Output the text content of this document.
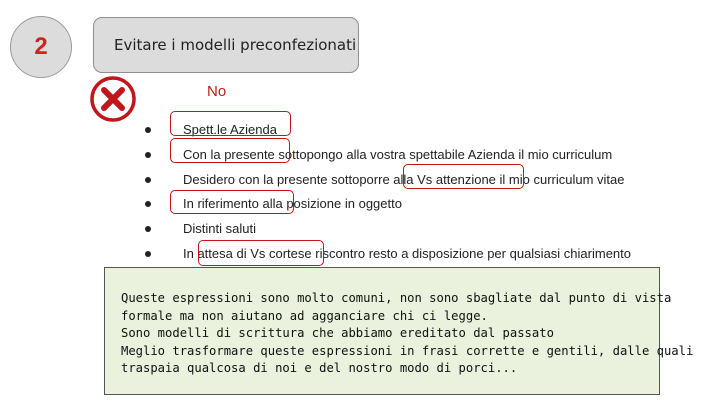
2	Evitare i modelli preconfezionati
No
Spett.le Azienda
Con la presente sottopongo alla vostra spettabile Azienda il mio curriculum
Desidero con la presente sottoporre alla Vs attenzione il mio curriculum vitae
In riferimento alla posizione in oggetto
Distinti saluti
In attesa di Vs cortese riscontro resto a disposizione per qualsiasi chiarimento
Queste espressioni sono molto comuni, non sono sbagliate dal punto di vista
formale ma non aiutano ad agganciare chi ci legge.
Sono modelli di scrittura che abbiamo ereditato dal passato
Meglio trasformare queste espressioni in frasi corrette e gentili, dalle quali
traspaia qualcosa di noi e del nostro modo di porci...
